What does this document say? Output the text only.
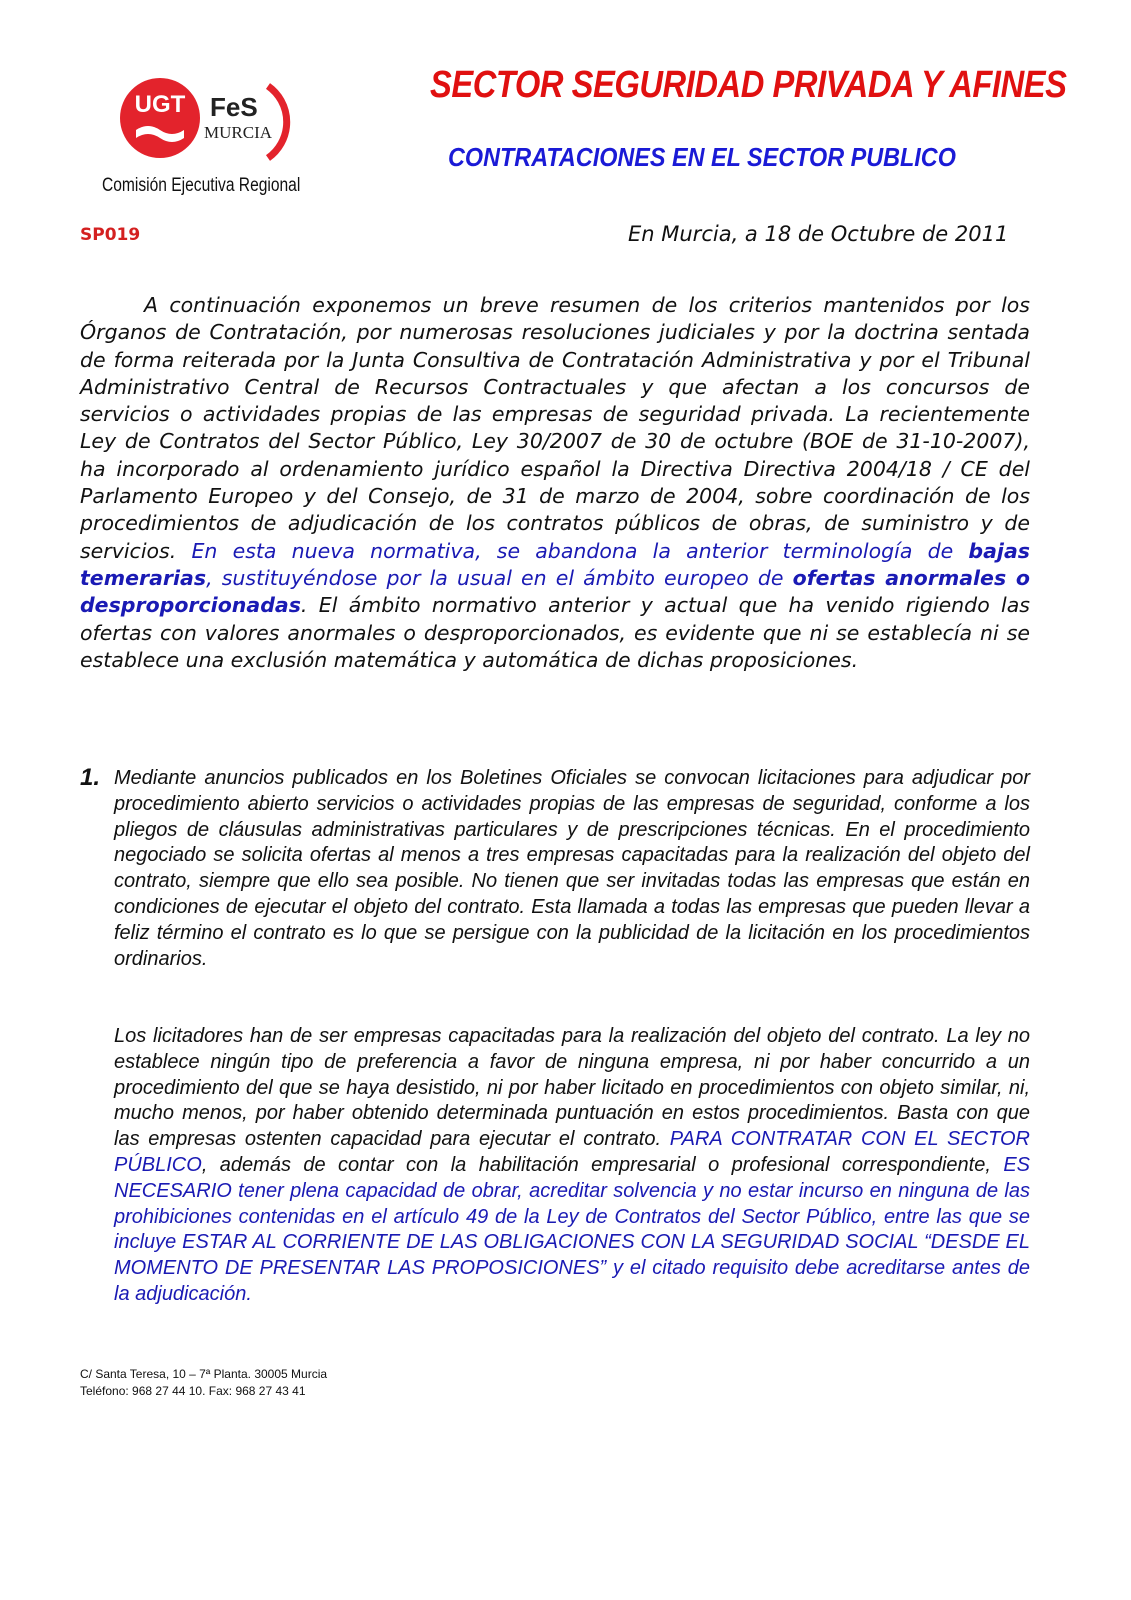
UGT FeS
MURCIA
Comisión Ejecutiva Regional
SECTOR SEGURIDAD PRIVADA Y AFINES
CONTRATACIONES EN EL SECTOR PUBLICO
SP019	En Murcia, a 18 de Octubre de 2011

A continuación exponemos un breve resumen de los criterios mantenidos por los Órganos de Contratación, por numerosas resoluciones judiciales y por la doctrina sentada de forma reiterada por la Junta Consultiva de Contratación Administrativa y por el Tribunal Administrativo Central de Recursos Contractuales y que afectan a los concursos de servicios o actividades propias de las empresas de seguridad privada. La recientemente Ley de Contratos del Sector Público, Ley 30/2007 de 30 de octubre (BOE de 31-10-2007), ha incorporado al ordenamiento jurídico español la Directiva Directiva 2004/18 / CE del Parlamento Europeo y del Consejo, de 31 de marzo de 2004, sobre coordinación de los procedimientos de adjudicación de los contratos públicos de obras, de suministro y de servicios. En esta nueva normativa, se abandona la anterior terminología de bajas temerarias, sustituyéndose por la usual en el ámbito europeo de ofertas anormales o desproporcionadas. El ámbito normativo anterior y actual que ha venido rigiendo las ofertas con valores anormales o desproporcionados, es evidente que ni se establecía ni se establece una exclusión matemática y automática de dichas proposiciones.

1. Mediante anuncios publicados en los Boletines Oficiales se convocan licitaciones para adjudicar por procedimiento abierto servicios o actividades propias de las empresas de seguridad, conforme a los pliegos de cláusulas administrativas particulares y de prescripciones técnicas. En el procedimiento negociado se solicita ofertas al menos a tres empresas capacitadas para la realización del objeto del contrato, siempre que ello sea posible. No tienen que ser invitadas todas las empresas que están en condiciones de ejecutar el objeto del contrato. Esta llamada a todas las empresas que pueden llevar a feliz término el contrato es lo que se persigue con la publicidad de la licitación en los procedimientos ordinarios.

Los licitadores han de ser empresas capacitadas para la realización del objeto del contrato. La ley no establece ningún tipo de preferencia a favor de ninguna empresa, ni por haber concurrido a un procedimiento del que se haya desistido, ni por haber licitado en procedimientos con objeto similar, ni, mucho menos, por haber obtenido determinada puntuación en estos procedimientos. Basta con que las empresas ostenten capacidad para ejecutar el contrato. PARA CONTRATAR CON EL SECTOR PÚBLICO, además de contar con la habilitación empresarial o profesional correspondiente, ES NECESARIO tener plena capacidad de obrar, acreditar solvencia y no estar incurso en ninguna de las prohibiciones contenidas en el artículo 49 de la Ley de Contratos del Sector Público, entre las que se incluye ESTAR AL CORRIENTE DE LAS OBLIGACIONES CON LA SEGURIDAD SOCIAL “DESDE EL MOMENTO DE PRESENTAR LAS PROPOSICIONES” y el citado requisito debe acreditarse antes de la adjudicación.

C/ Santa Teresa, 10 – 7ª Planta. 30005 Murcia
Teléfono: 968 27 44 10. Fax: 968 27 43 41
